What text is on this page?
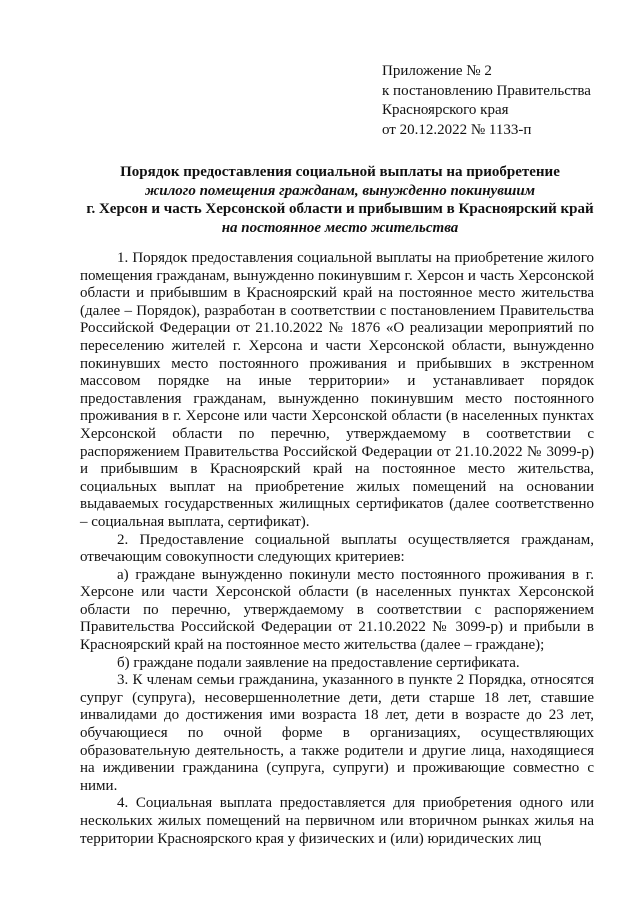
Приложение № 2
к постановлению Правительства
Красноярского края
от 20.12.2022 № 1133-п
Порядок предоставления социальной выплаты на приобретение
жилого помещения гражданам, вынужденно покинувшим
г. Херсон и часть Херсонской области и прибывшим в Красноярский край
на постоянное место жительства

1. Порядок предоставления социальной выплаты на приобретение жилого помещения гражданам, вынужденно покинувшим г. Херсон и часть Херсонской области и прибывшим в Красноярский край на постоянное место жительства (далее – Порядок), разработан в соответствии с постановлением Правительства Российской Федерации от 21.10.2022 № 1876 «О реализации мероприятий по переселению жителей г. Херсона и части Херсонской области, вынужденно покинувших место постоянного проживания и прибывших в экстренном массовом порядке на иные территории» и устанавливает порядок предоставления гражданам, вынужденно покинувшим место постоянного проживания в г. Херсоне или части Херсонской области (в населенных пунктах Херсонской области по перечню, утверждаемому в соответствии с распоряжением Правительства Российской Федерации от 21.10.2022 № 3099-р) и прибывшим в Красноярский край на постоянное место жительства, социальных выплат на приобретение жилых помещений на основании выдаваемых государственных жилищных сертификатов (далее соответственно – социальная выплата, сертификат).

2. Предоставление социальной выплаты осуществляется гражданам, отвечающим совокупности следующих критериев:

а) граждане вынужденно покинули место постоянного проживания в г. Херсоне или части Херсонской области (в населенных пунктах Херсонской области по перечню, утверждаемому в соответствии с распоряжением Правительства Российской Федерации от 21.10.2022 № 3099-р) и прибыли в Красноярский край на постоянное место жительства (далее – граждане);

б) граждане подали заявление на предоставление сертификата.

3. К членам семьи гражданина, указанного в пункте 2 Порядка, относятся супруг (супруга), несовершеннолетние дети, дети старше 18 лет, ставшие инвалидами до достижения ими возраста 18 лет, дети в возрасте до 23 лет, обучающиеся по очной форме в организациях, осуществляющих образовательную деятельность, а также родители и другие лица, находящиеся на иждивении гражданина (супруга, супруги) и проживающие совместно с ними.

4. Социальная выплата предоставляется для приобретения одного или нескольких жилых помещений на первичном или вторичном рынках жилья на территории Красноярского края у физических и (или) юридических лиц
